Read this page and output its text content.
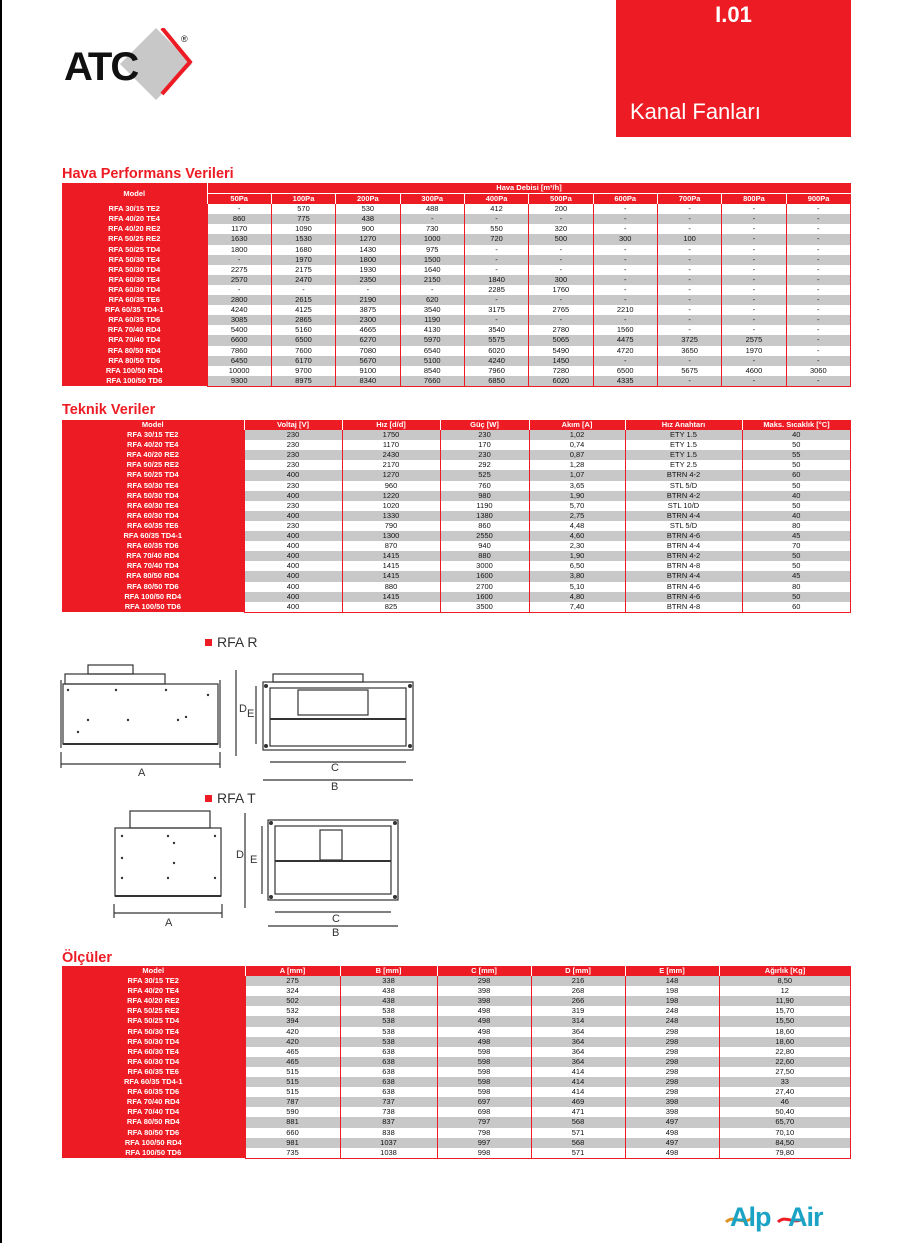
ATC
®
I.01
Kanal Fanları
Hava Performans Verileri
Model	Hava Debisi [m³/h]									
	50Pa	100Pa	200Pa	300Pa	400Pa	500Pa	600Pa	700Pa	800Pa	900Pa
RFA 30/15 TE2	-	570	530	488	412	200	-	-	-	-
RFA 40/20 TE4	860	775	438	-	-	-	-	-	-	-
RFA 40/20 RE2	1170	1090	900	730	550	320	-	-	-	-
RFA 50/25 RE2	1630	1530	1270	1000	720	500	300	100	-	-
RFA 50/25 TD4	1800	1680	1430	975	-	-	-	-	-	-
RFA 50/30 TE4	-	1970	1800	1500	-	-	-	-	-	-
RFA 50/30 TD4	2275	2175	1930	1640	-	-	-	-	-	-
RFA 60/30 TE4	2570	2470	2350	2150	1840	300	-	-	-	-
RFA 60/30 TD4	-	-	-	-	2285	1760	-	-	-	-
RFA 60/35 TE6	2800	2615	2190	620	-	-	-	-	-	-
RFA 60/35 TD4-1	4240	4125	3875	3540	3175	2765	2210	-	-	-
RFA 60/35 TD6	3085	2865	2300	1190	-	-	-	-	-	-
RFA 70/40 RD4	5400	5160	4665	4130	3540	2780	1560	-	-	-
RFA 70/40 TD4	6600	6500	6270	5970	5575	5065	4475	3725	2575	-
RFA 80/50 RD4	7860	7600	7080	6540	6020	5490	4720	3650	1970	-
RFA 80/50 TD6	6450	6170	5670	5100	4240	1450	-	-	-	-
RFA 100/50 RD4	10000	9700	9100	8540	7960	7280	6500	5675	4600	3060
RFA 100/50 TD6	9300	8975	8340	7660	6850	6020	4335	-	-	-
Teknik Veriler
Model	Voltaj [V]	Hız [d/d]	Güç [W]	Akım [A]	Hız Anahtarı	Maks. Sıcaklık [°C]
RFA 30/15 TE2	230	1750	230	1,02	ETY 1.5	40
RFA 40/20 TE4	230	1170	170	0,74	ETY 1.5	50
RFA 40/20 RE2	230	2430	230	0,87	ETY 1.5	55
RFA 50/25 RE2	230	2170	292	1,28	ETY 2.5	50
RFA 50/25 TD4	400	1270	525	1,07	BTRN 4-2	60
RFA 50/30 TE4	230	960	760	3,65	STL 5/D	50
RFA 50/30 TD4	400	1220	980	1,90	BTRN 4-2	40
RFA 60/30 TE4	230	1020	1190	5,70	STL 10/D	50
RFA 60/30 TD4	400	1330	1380	2,75	BTRN 4-4	40
RFA 60/35 TE6	230	790	860	4,48	STL 5/D	80
RFA 60/35 TD4-1	400	1300	2550	4,60	BTRN 4-6	45
RFA 60/35 TD6	400	870	940	2,30	BTRN 4-4	70
RFA 70/40 RD4	400	1415	880	1,90	BTRN 4-2	50
RFA 70/40 TD4	400	1415	3000	6,50	BTRN 4-8	50
RFA 80/50 RD4	400	1415	1600	3,80	BTRN 4-4	45
RFA 80/50 TD6	400	880	2700	5,10	BTRN 4-6	80
RFA 100/50 RD4	400	1415	1600	4,80	BTRN 4-6	50
RFA 100/50 TD6	400	825	3500	7,40	BTRN 4-8	60
RFA R
A	C
B
D E
RFA T
A	C
B
D E
Ölçüler
Model	A [mm]	B [mm]	C [mm]	D [mm]	E [mm]	Ağırlık [Kg]
RFA 30/15 TE2	275	338	298	216	148	8,50
RFA 40/20 TE4	324	438	398	268	198	12
RFA 40/20 RE2	502	438	398	266	198	11,90
RFA 50/25 RE2	532	538	498	319	248	15,70
RFA 50/25 TD4	394	538	498	314	248	15,50
RFA 50/30 TE4	420	538	498	364	298	18,60
RFA 50/30 TD4	420	538	498	364	298	18,60
RFA 60/30 TE4	465	638	598	364	298	22,80
RFA 60/30 TD4	465	638	598	364	298	22,60
RFA 60/35 TE6	515	638	598	414	298	27,50
RFA 60/35 TD4-1	515	638	598	414	298	33
RFA 60/35 TD6	515	638	598	414	298	27,40
RFA 70/40 RD4	787	737	697	469	398	46
RFA 70/40 TD4	590	738	698	471	398	50,40
RFA 80/50 RD4	881	837	797	568	497	65,70
RFA 80/50 TD6	660	838	798	571	498	70,10
RFA 100/50 RD4	981	1037	997	568	497	84,50
RFA 100/50 TD6	735	1038	998	571	498	79,80
Alp Air
